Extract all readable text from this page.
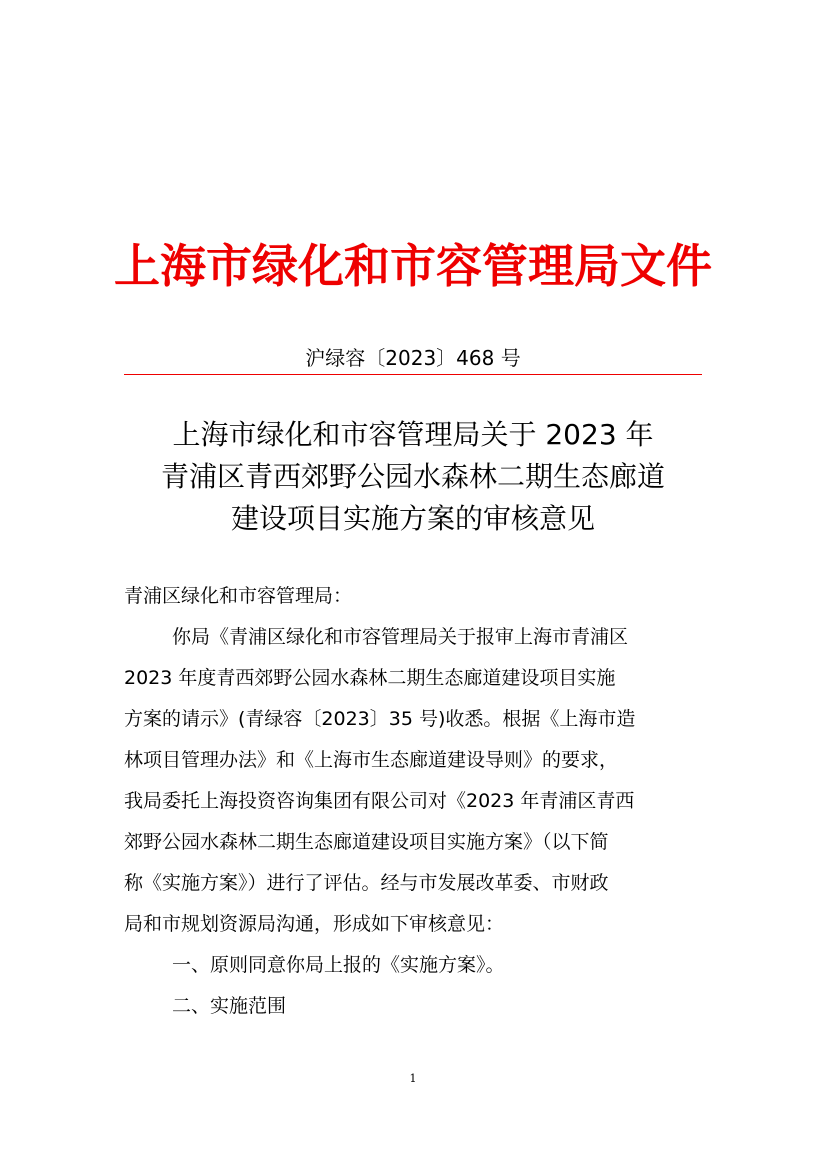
上海市绿化和市容管理局文件
沪绿容〔2023〕468 号
上海市绿化和市容管理局关于 2023 年
青浦区青西郊野公园水森林二期生态廊道
建设项目实施方案的审核意见
青浦区绿化和市容管理局：
你局《青浦区绿化和市容管理局关于报审上海市青浦区
2023 年度青西郊野公园水森林二期生态廊道建设项目实施
方案的请示》(青绿容〔2023〕35 号)收悉。根据《上海市造
林项目管理办法》和《上海市生态廊道建设导则》的要求，
我局委托上海投资咨询集团有限公司对《2023 年青浦区青西
郊野公园水森林二期生态廊道建设项目实施方案》（以下简
称《实施方案》）进行了评估。经与市发展改革委、市财政
局和市规划资源局沟通，形成如下审核意见：
一、原则同意你局上报的《实施方案》。
二、实施范围
1
